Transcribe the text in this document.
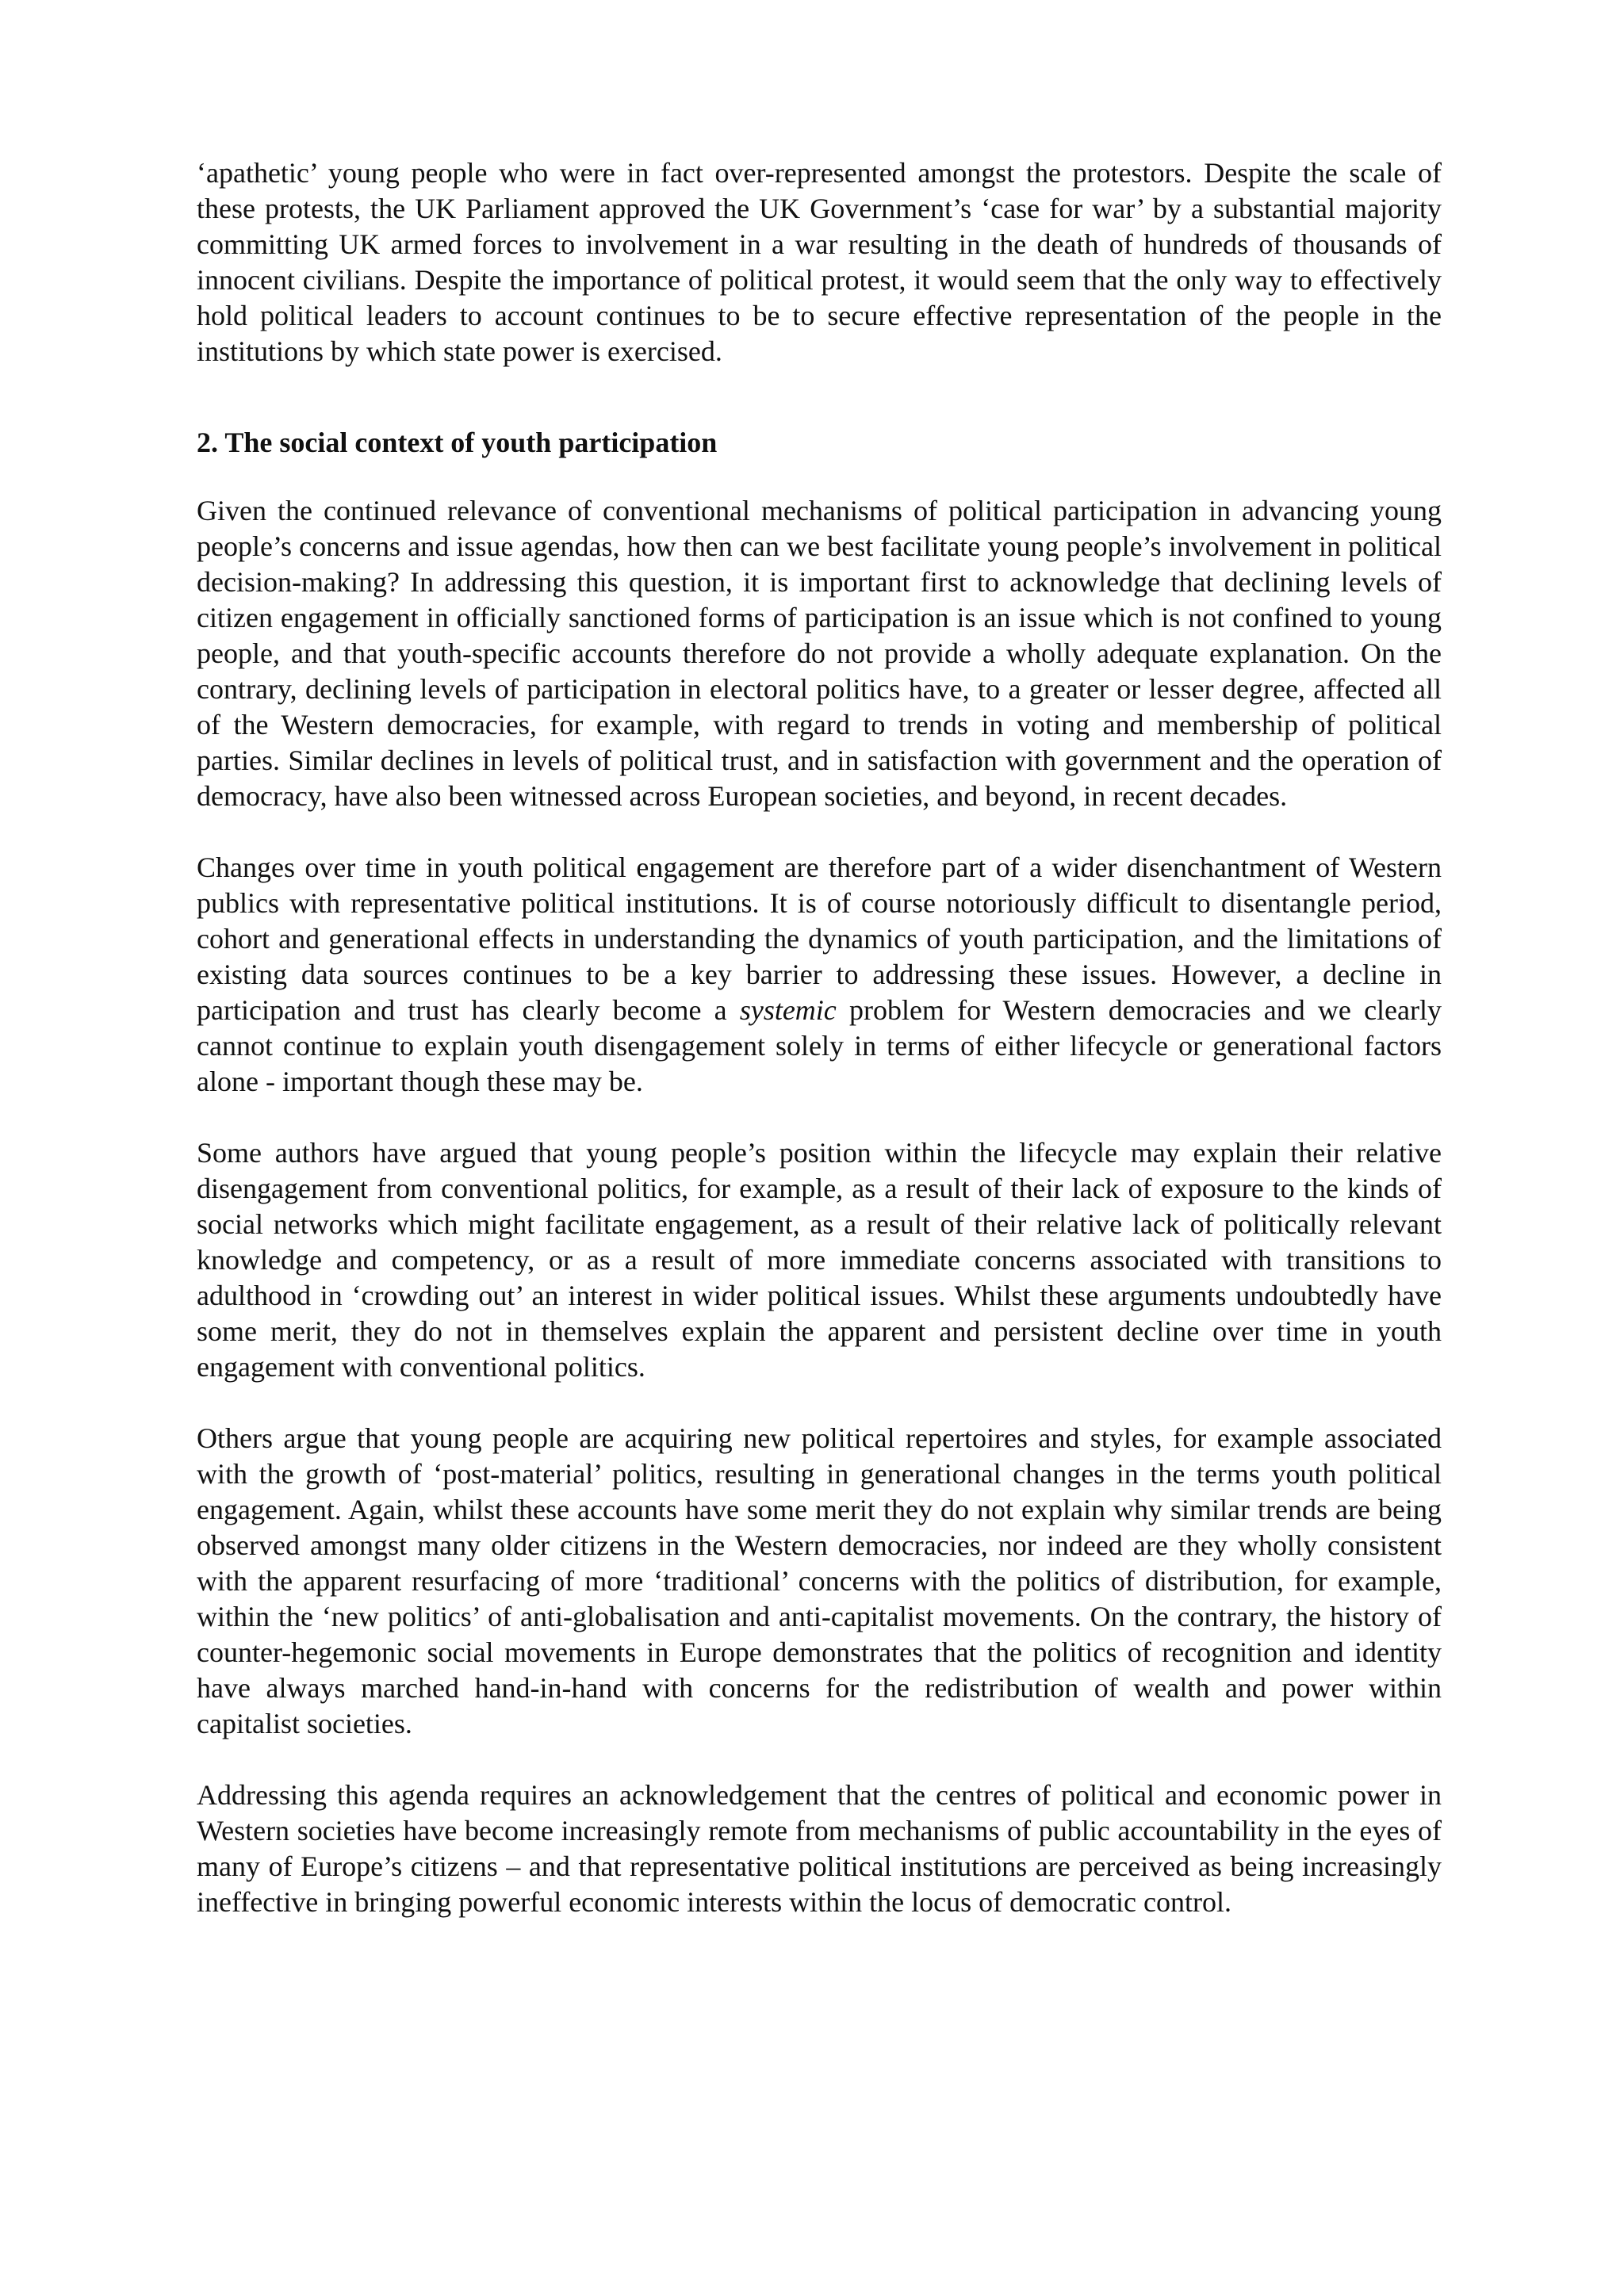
‘apathetic’ young people who were in fact over-represented amongst the protestors. Despite the scale of these protests, the UK Parliament approved the UK Government’s ‘case for war’ by a substantial majority committing UK armed forces to involvement in a war resulting in the death of hundreds of thousands of innocent civilians. Despite the importance of political protest, it would seem that the only way to effectively hold political leaders to account continues to be to secure effective representation of the people in the institutions by which state power is exercised.

2. The social context of youth participation

Given the continued relevance of conventional mechanisms of political participation in advancing young people’s concerns and issue agendas, how then can we best facilitate young people’s involvement in political decision-making? In addressing this question, it is important first to acknowledge that declining levels of citizen engagement in officially sanctioned forms of participation is an issue which is not confined to young people, and that youth-specific accounts therefore do not provide a wholly adequate explanation. On the contrary, declining levels of participation in electoral politics have, to a greater or lesser degree, affected all of the Western democracies, for example, with regard to trends in voting and membership of political parties. Similar declines in levels of political trust, and in satisfaction with government and the operation of democracy, have also been witnessed across European societies, and beyond, in recent decades.

Changes over time in youth political engagement are therefore part of a wider disenchantment of Western publics with representative political institutions. It is of course notoriously difficult to disentangle period, cohort and generational effects in understanding the dynamics of youth participation, and the limitations of existing data sources continues to be a key barrier to addressing these issues. However, a decline in participation and trust has clearly become a systemic problem for Western democracies and we clearly cannot continue to explain youth disengagement solely in terms of either lifecycle or generational factors alone - important though these may be.

Some authors have argued that young people’s position within the lifecycle may explain their relative disengagement from conventional politics, for example, as a result of their lack of exposure to the kinds of social networks which might facilitate engagement, as a result of their relative lack of politically relevant knowledge and competency, or as a result of more immediate concerns associated with transitions to adulthood in ‘crowding out’ an interest in wider political issues. Whilst these arguments undoubtedly have some merit, they do not in themselves explain the apparent and persistent decline over time in youth engagement with conventional politics.

Others argue that young people are acquiring new political repertoires and styles, for example associated with the growth of ‘post-material’ politics, resulting in generational changes in the terms youth political engagement. Again, whilst these accounts have some merit they do not explain why similar trends are being observed amongst many older citizens in the Western democracies, nor indeed are they wholly consistent with the apparent resurfacing of more ‘traditional’ concerns with the politics of distribution, for example, within the ‘new politics’ of anti-globalisation and anti-capitalist movements. On the contrary, the history of counter-hegemonic social movements in Europe demonstrates that the politics of recognition and identity have always marched hand-in-hand with concerns for the redistribution of wealth and power within capitalist societies.

Addressing this agenda requires an acknowledgement that the centres of political and economic power in Western societies have become increasingly remote from mechanisms of public accountability in the eyes of many of Europe’s citizens – and that representative political institutions are perceived as being increasingly ineffective in bringing powerful economic interests within the locus of democratic control.
